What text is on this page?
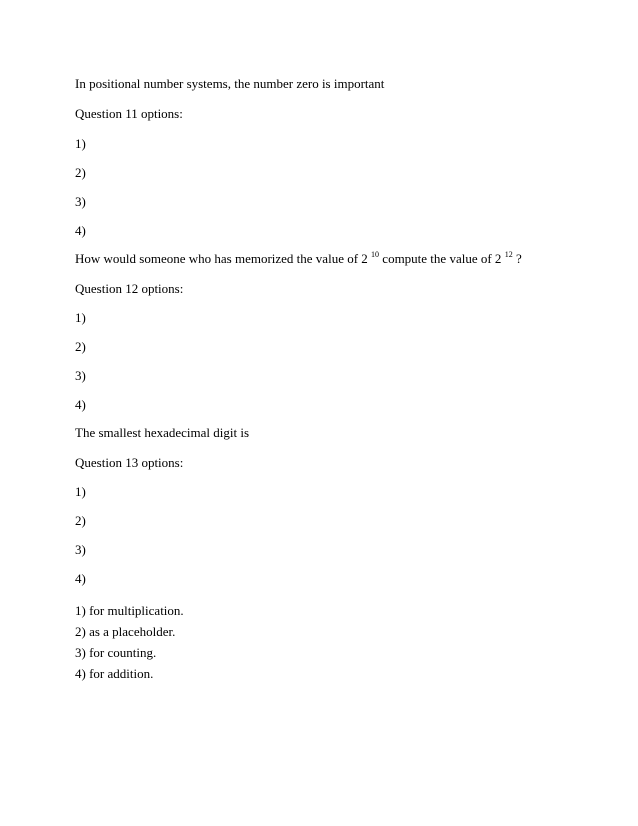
In positional number systems, the number zero is important
Question 11 options:
1)
2)
3)
4)
How would someone who has memorized the value of 2 $^{10}$ compute the value of 2 $^{12}$ ?
Question 12 options:
1)
2)
3)
4)
The smallest hexadecimal digit is
Question 13 options:
1)
2)
3)
4)
1) for multiplication.
2) as a placeholder.
3) for counting.
4) for addition.
